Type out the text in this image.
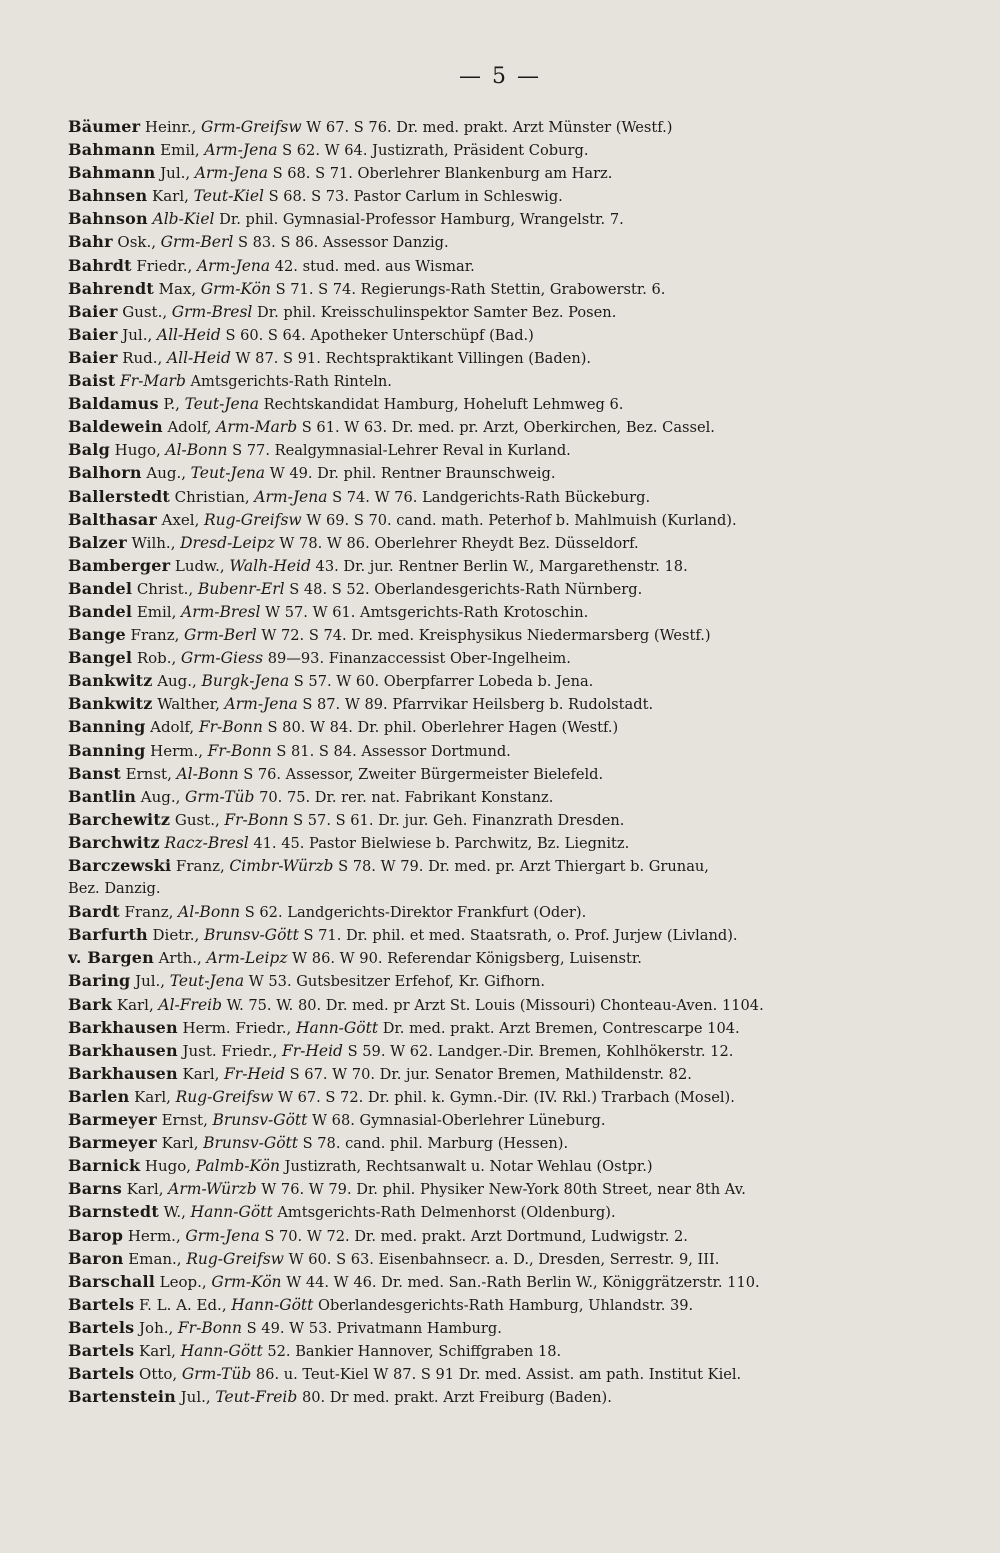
— 5 —
Bäumer Heinr., Grm-Greifsw W 67. S 76. Dr. med. prakt. Arzt Münster (Westf.)
Bahmann Emil, Arm-Jena S 62. W 64. Justizrath, Präsident Coburg.
Bahmann Jul., Arm-Jena S 68. S 71. Oberlehrer Blankenburg am Harz.
Bahnsen Karl, Teut-Kiel S 68. S 73. Pastor Carlum in Schleswig.
Bahnson Alb-Kiel Dr. phil. Gymnasial-Professor Hamburg, Wrangelstr. 7.
Bahr Osk., Grm-Berl S 83. S 86. Assessor Danzig.
Bahrdt Friedr., Arm-Jena 42. stud. med. aus Wismar.
Bahrendt Max, Grm-Kön S 71. S 74. Regierungs-Rath Stettin, Grabowerstr. 6.
Baier Gust., Grm-Bresl Dr. phil. Kreisschulinspektor Samter Bez. Posen.
Baier Jul., All-Heid S 60. S 64. Apotheker Unterschüpf (Bad.)
Baier Rud., All-Heid W 87. S 91. Rechtspraktikant Villingen (Baden).
Baist Fr-Marb Amtsgerichts-Rath Rinteln.
Baldamus P., Teut-Jena Rechtskandidat Hamburg, Hoheluft Lehmweg 6.
Baldewein Adolf, Arm-Marb S 61. W 63. Dr. med. pr. Arzt, Oberkirchen, Bez. Cassel.
Balg Hugo, Al-Bonn S 77. Realgymnasial-Lehrer Reval in Kurland.
Balhorn Aug., Teut-Jena W 49. Dr. phil. Rentner Braunschweig.
Ballerstedt Christian, Arm-Jena S 74. W 76. Landgerichts-Rath Bückeburg.
Balthasar Axel, Rug-Greifsw W 69. S 70. cand. math. Peterhof b. Mahlmuish (Kurland).
Balzer Wilh., Dresd-Leipz W 78. W 86. Oberlehrer Rheydt Bez. Düsseldorf.
Bamberger Ludw., Walh-Heid 43. Dr. jur. Rentner Berlin W., Margarethenstr. 18.
Bandel Christ., Bubenr-Erl S 48. S 52. Oberlandesgerichts-Rath Nürnberg.
Bandel Emil, Arm-Bresl W 57. W 61. Amtsgerichts-Rath Krotoschin.
Bange Franz, Grm-Berl W 72. S 74. Dr. med. Kreisphysikus Niedermarsberg (Westf.)
Bangel Rob., Grm-Giess 89—93. Finanzaccessist Ober-Ingelheim.
Bankwitz Aug., Burgk-Jena S 57. W 60. Oberpfarrer Lobeda b. Jena.
Bankwitz Walther, Arm-Jena S 87. W 89. Pfarrvikar Heilsberg b. Rudolstadt.
Banning Adolf, Fr-Bonn S 80. W 84. Dr. phil. Oberlehrer Hagen (Westf.)
Banning Herm., Fr-Bonn S 81. S 84. Assessor Dortmund.
Banst Ernst, Al-Bonn S 76. Assessor, Zweiter Bürgermeister Bielefeld.
Bantlin Aug., Grm-Tüb 70. 75. Dr. rer. nat. Fabrikant Konstanz.
Barchewitz Gust., Fr-Bonn S 57. S 61. Dr. jur. Geh. Finanzrath Dresden.
Barchwitz Racz-Bresl 41. 45. Pastor Bielwiese b. Parchwitz, Bz. Liegnitz.
Barczewski Franz, Cimbr-Würzb S 78. W 79. Dr. med. pr. Arzt Thiergart b. Grunau,
Bez. Danzig.
Bardt Franz, Al-Bonn S 62. Landgerichts-Direktor Frankfurt (Oder).
Barfurth Dietr., Brunsv-Gött S 71. Dr. phil. et med. Staatsrath, o. Prof. Jurjew (Livland).
v. Bargen Arth., Arm-Leipz W 86. W 90. Referendar Königsberg, Luisenstr.
Baring Jul., Teut-Jena W 53. Gutsbesitzer Erfehof, Kr. Gifhorn.
Bark Karl, Al-Freib W. 75. W. 80. Dr. med. pr Arzt St. Louis (Missouri) Chonteau-Aven. 1104.
Barkhausen Herm. Friedr., Hann-Gött Dr. med. prakt. Arzt Bremen, Contrescarpe 104.
Barkhausen Just. Friedr., Fr-Heid S 59. W 62. Landger.-Dir. Bremen, Kohlhökerstr. 12.
Barkhausen Karl, Fr-Heid S 67. W 70. Dr. jur. Senator Bremen, Mathildenstr. 82.
Barlen Karl, Rug-Greifsw W 67. S 72. Dr. phil. k. Gymn.-Dir. (IV. Rkl.) Trarbach (Mosel).
Barmeyer Ernst, Brunsv-Gött W 68. Gymnasial-Oberlehrer Lüneburg.
Barmeyer Karl, Brunsv-Gött S 78. cand. phil. Marburg (Hessen).
Barnick Hugo, Palmb-Kön Justizrath, Rechtsanwalt u. Notar Wehlau (Ostpr.)
Barns Karl, Arm-Würzb W 76. W 79. Dr. phil. Physiker New-York 80th Street, near 8th Av.
Barnstedt W., Hann-Gött Amtsgerichts-Rath Delmenhorst (Oldenburg).
Barop Herm., Grm-Jena S 70. W 72. Dr. med. prakt. Arzt Dortmund, Ludwigstr. 2.
Baron Eman., Rug-Greifsw W 60. S 63. Eisenbahnsecr. a. D., Dresden, Serrestr. 9, III.
Barschall Leop., Grm-Kön W 44. W 46. Dr. med. San.-Rath Berlin W., Königgrätzerstr. 110.
Bartels F. L. A. Ed., Hann-Gött Oberlandesgerichts-Rath Hamburg, Uhlandstr. 39.
Bartels Joh., Fr-Bonn S 49. W 53. Privatmann Hamburg.
Bartels Karl, Hann-Gött 52. Bankier Hannover, Schiffgraben 18.
Bartels Otto, Grm-Tüb 86. u. Teut-Kiel W 87. S 91 Dr. med. Assist. am path. Institut Kiel.
Bartenstein Jul., Teut-Freib 80. Dr med. prakt. Arzt Freiburg (Baden).
